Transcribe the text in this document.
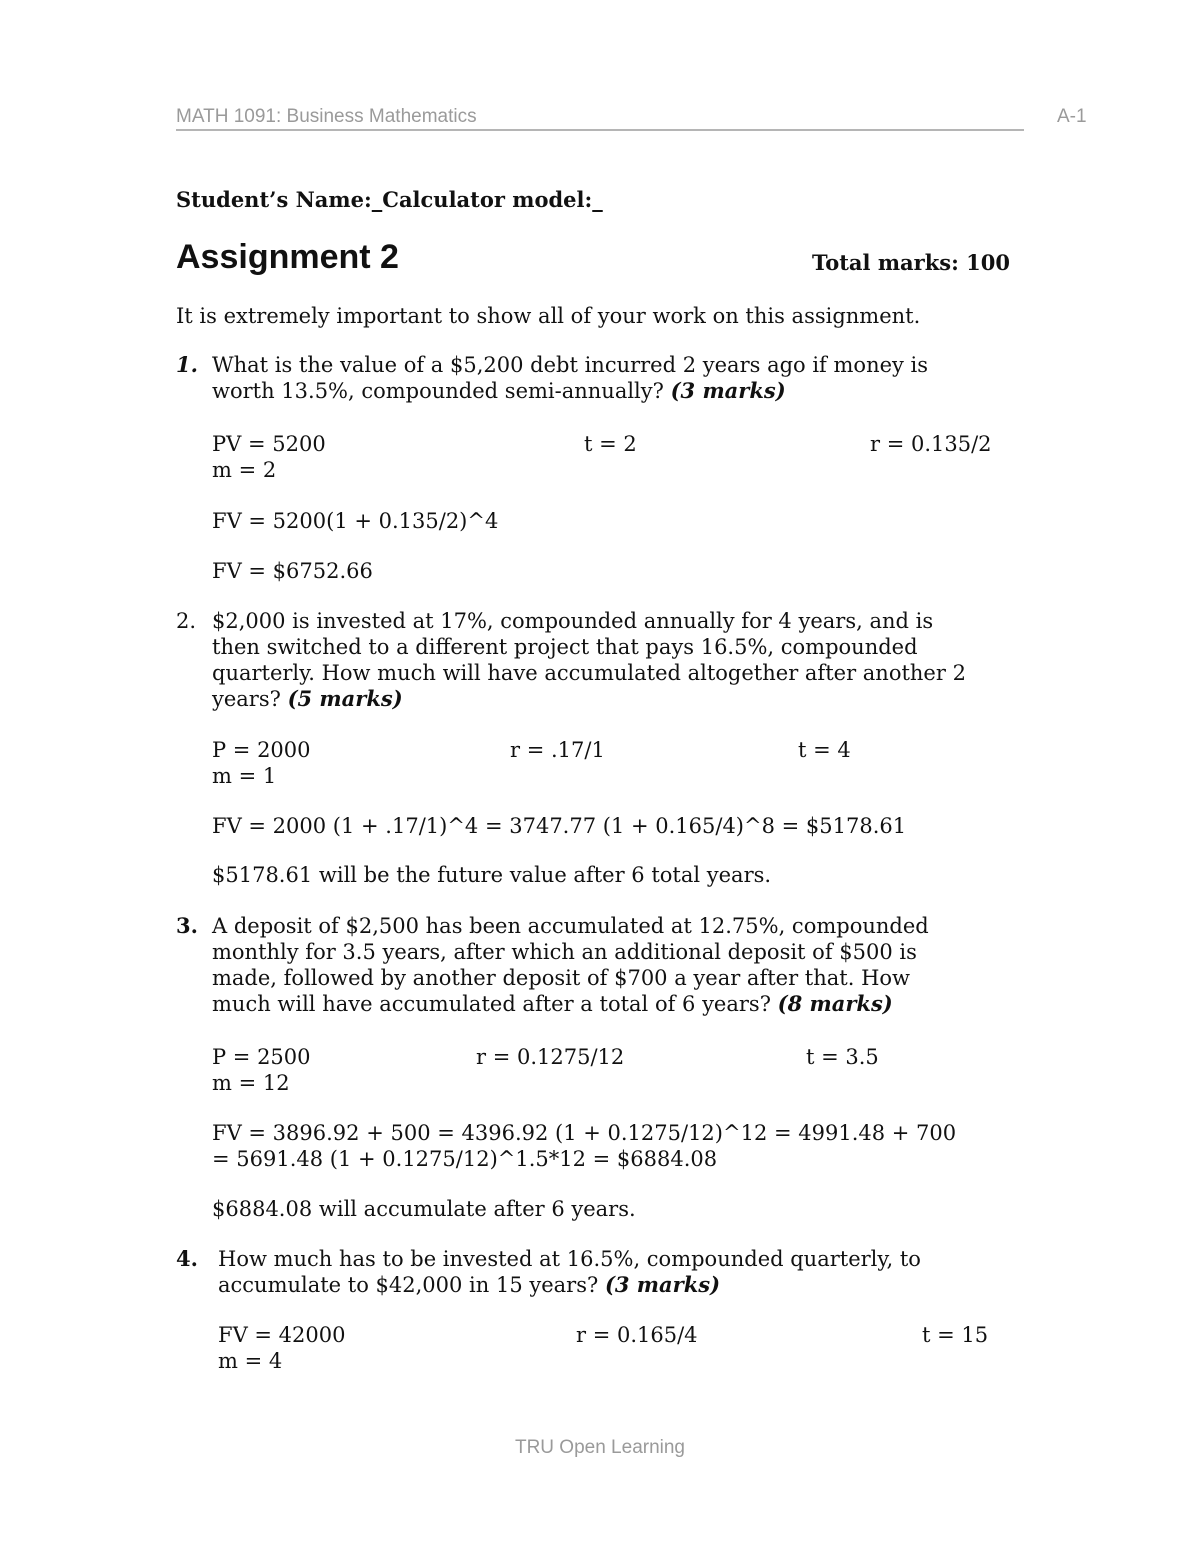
MATH 1091: Business Mathematics	A-1
Student’s Name:_Calculator model:_
Assignment 2	Total marks: 100
It is extremely important to show all of your work on this assignment.
1. What is the value of a $5,200 debt incurred 2 years ago if money is
worth 13.5%, compounded semi-annually? (3 marks)
PV = 5200	t = 2	r = 0.135/2
m = 2
FV = 5200(1 + 0.135/2)^4
FV = $6752.66
2. $2,000 is invested at 17%, compounded annually for 4 years, and is
then switched to a different project that pays 16.5%, compounded
quarterly. How much will have accumulated altogether after another 2
years? (5 marks)
P = 2000	r = .17/1	t = 4
m = 1
FV = 2000 (1 + .17/1)^4 = 3747.77 (1 + 0.165/4)^8 = $5178.61
$5178.61 will be the future value after 6 total years.
3. A deposit of $2,500 has been accumulated at 12.75%, compounded
monthly for 3.5 years, after which an additional deposit of $500 is
made, followed by another deposit of $700 a year after that. How
much will have accumulated after a total of 6 years? (8 marks)
P = 2500	r = 0.1275/12	t = 3.5
m = 12
FV = 3896.92 + 500 = 4396.92 (1 + 0.1275/12)^12 = 4991.48 + 700
= 5691.48 (1 + 0.1275/12)^1.5*12 = $6884.08
$6884.08 will accumulate after 6 years.
4. How much has to be invested at 16.5%, compounded quarterly, to
accumulate to $42,000 in 15 years? (3 marks)
FV = 42000	r = 0.165/4	t = 15
m = 4
TRU Open Learning
